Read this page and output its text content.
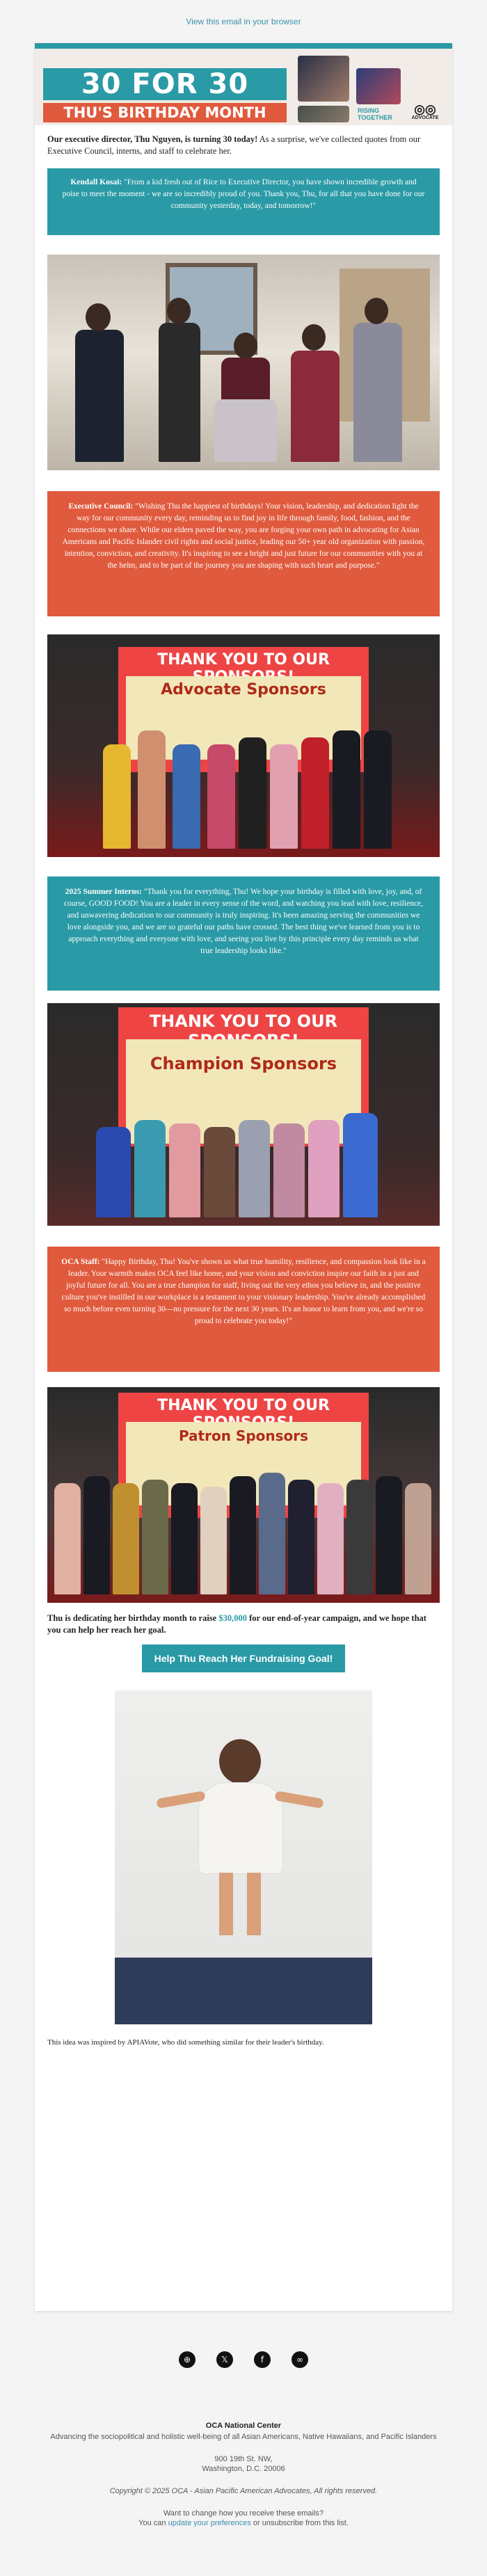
View this email in your browser
30 FOR 30
THU'S BIRTHDAY MONTH	RISING TOGETHER
◎◎
ADVOCATE
Our executive director, Thu Nguyen, is turning 30 today! As a surprise, we've collected quotes from our Executive Council, interns, and staff to celebrate her.
Kendall Kosai: "From a kid fresh out of Rice to Executive Director, you have shown incredible growth and poise to meet the moment - we are so incredibly proud of you. Thank you, Thu, for all that you have done for our community yesterday, today, and tomorrow!"
Executive Council: "Wishing Thu the happiest of birthdays! Your vision, leadership, and dedication light the way for our community every day, reminding us to find joy in life through family, food, fashion, and the connections we share. While our elders paved the way, you are forging your own path in advocating for Asian Americans and Pacific Islander civil rights and social justice, leading our 50+ year old organization with passion, intention, conviction, and creativity. It's inspiring to see a bright and just future for our communities with you at the helm, and to be part of the journey you are shaping with such heart and purpose."
THANK YOU TO OUR
Advocate Sponsors
2025 Summer Interns: "Thank you for everything, Thu! We hope your birthday is filled with love, joy, and, of course, GOOD FOOD! You are a leader in every sense of the word, and watching you lead with love, resilience, and unwavering dedication to our community is truly inspiring. It's been amazing serving the communities we love alongside you, and we are so grateful our paths have crossed. The best thing we've learned from you is to approach everything and everyone with love, and seeing you live by this principle every day reminds us what true leadership looks like."
THANK YOU TO OUR
Champion Sponsors
OCA Staff: "Happy Birthday, Thu! You've shown us what true humility, resilience, and compassion look like in a leader. Your warmth makes OCA feel like home, and your vision and conviction inspire our faith in a just and joyful future for all. You are a true champion for staff, living out the very ethos you believe in, and the positive culture you've instilled in our workplace is a testament to your visionary leadership. You've already accomplished so much before even turning 30—no pressure for the next 30 years. It's an honor to learn from you, and we're so proud to celebrate you today!"
THANK YOU TO OUR
Patron Sponsors
Thu is dedicating her birthday month to raise $30,000 for our end-of-year campaign, and we hope that you can help her reach her goal.
Help Thu Reach Her Fundraising Goal!
This idea was inspired by APIAVote, who did something similar for their leader's birthday.
⊕	𝕏	f	∞
OCA National Center
Advancing the sociopolitical and holistic well-being of all Asian Americans, Native Hawaiians, and Pacific Islanders
900 19th St. NW,
Washington, D.C. 20006
Copyright © 2025 OCA - Asian Pacific American Advocates, All rights reserved.
Want to change how you receive these emails?
You can update your preferences or unsubscribe from this list.
